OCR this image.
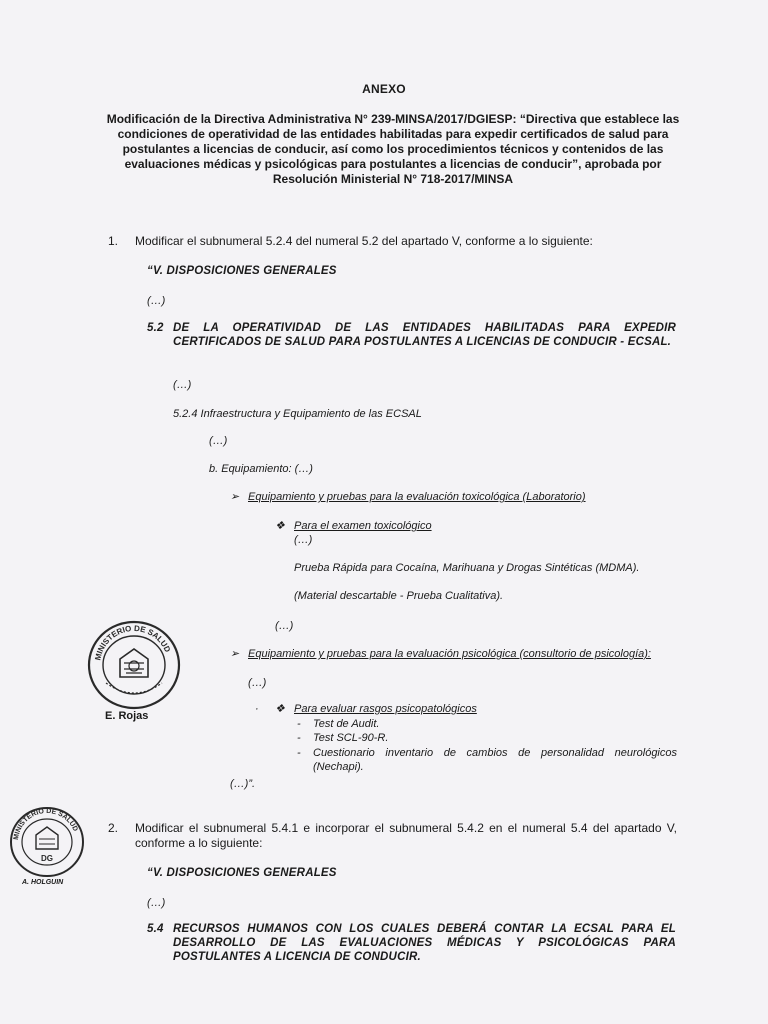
ANEXO
Modificación de la Directiva Administrativa N° 239-MINSA/2017/DGIESP: “Directiva que establece las condiciones de operatividad de las entidades habilitadas para expedir certificados de salud para postulantes a licencias de conducir, así como los procedimientos técnicos y contenidos de las evaluaciones médicas y psicológicas para postulantes a licencias de conducir”, aprobada por Resolución Ministerial N° 718-2017/MINSA
1. Modificar el subnumeral 5.2.4 del numeral 5.2 del apartado V, conforme a lo siguiente:
“V. DISPOSICIONES GENERALES
(…)
5.2 DE LA OPERATIVIDAD DE LAS ENTIDADES HABILITADAS PARA EXPEDIR CERTIFICADOS DE SALUD PARA POSTULANTES A LICENCIAS DE CONDUCIR - ECSAL.
(…)
5.2.4 Infraestructura y Equipamiento de las ECSAL
(…)
b. Equipamiento: (…)
➢ Equipamiento y pruebas para la evaluación toxicológica (Laboratorio)
❖ Para el examen toxicológico
(…)
Prueba Rápida para Cocaína, Marihuana y Drogas Sintéticas (MDMA).
(Material descartable - Prueba Cualitativa).
(…)
➢ Equipamiento y pruebas para la evaluación psicológica (consultorio de psicología):
(…)
· ❖ Para evaluar rasgos psicopatológicos
- Test de Audit.
- Test SCL-90-R.
- Cuestionario inventario de cambios de personalidad neurológicos (Nechapi).
(…)”.
2. Modificar el subnumeral 5.4.1 e incorporar el subnumeral 5.4.2 en el numeral 5.4 del apartado V, conforme a lo siguiente:
“V. DISPOSICIONES GENERALES
(…)
5.4 RECURSOS HUMANOS CON LOS CUALES DEBERÁ CONTAR LA ECSAL PARA EL DESARROLLO DE LAS EVALUACIONES MÉDICAS Y PSICOLÓGICAS PARA POSTULANTES A LICENCIA DE CONDUCIR.
MINISTERIO DE SALUD
E. Rojas
MINISTERIO DE SALUD
DG
A. HOLGUIN
